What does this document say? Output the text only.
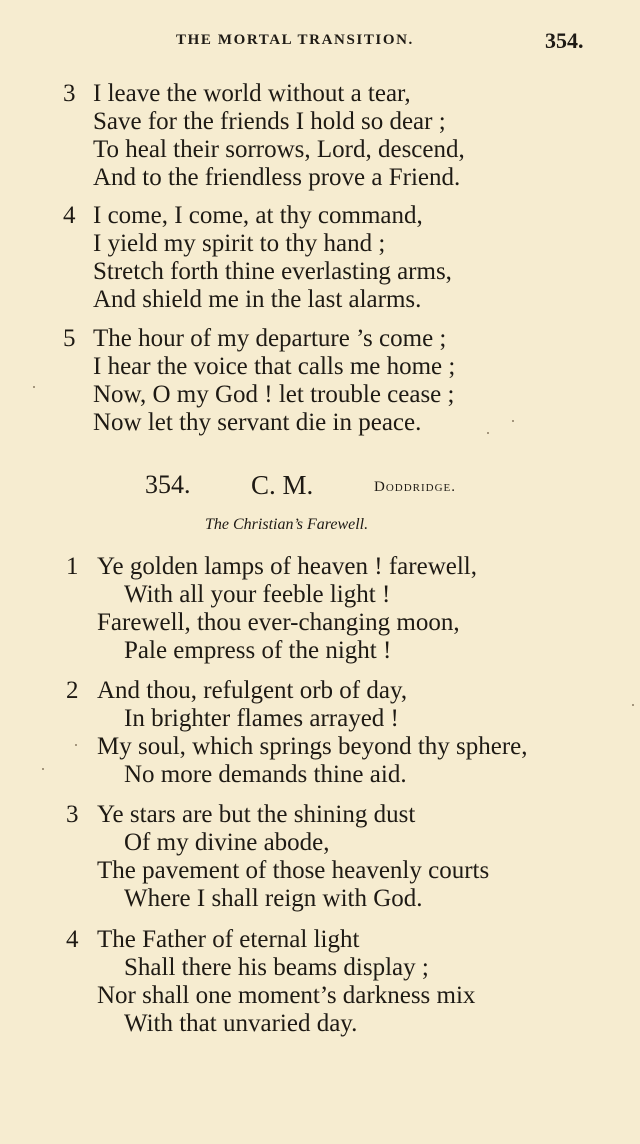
THE MORTAL TRANSITION.	354.
3 I leave the world without a tear,
Save for the friends I hold so dear ;
To heal their sorrows, Lord, descend,
And to the friendless prove a Friend.
4 I come, I come, at thy command,
I yield my spirit to thy hand ;
Stretch forth thine everlasting arms,
And shield me in the last alarms.
5 The hour of my departure ’s come ;
I hear the voice that calls me home ;
Now, O my God ! let trouble cease ;
Now let thy servant die in peace.
354. C. M.	Doddridge.
The Christian’s Farewell.
1 Ye golden lamps of heaven ! farewell,
With all your feeble light !
Farewell, thou ever-changing moon,
Pale empress of the night !
2 And thou, refulgent orb of day,
In brighter flames arrayed !
My soul, which springs beyond thy sphere,
No more demands thine aid.
3 Ye stars are but the shining dust
Of my divine abode,
The pavement of those heavenly courts
Where I shall reign with God.
4 The Father of eternal light
Shall there his beams display ;
Nor shall one moment’s darkness mix
With that unvaried day.
